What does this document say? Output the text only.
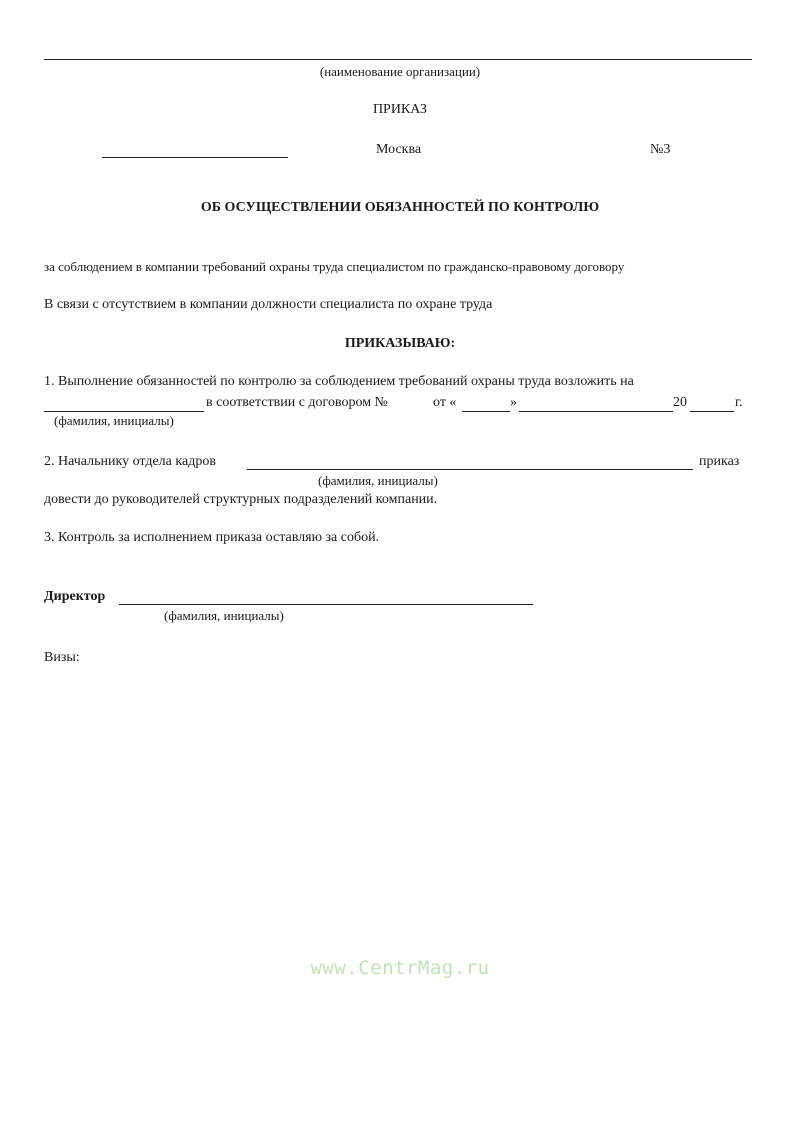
(наименование организации)
ПРИКАЗ
Москва	№3
ОБ ОСУЩЕСТВЛЕНИИ ОБЯЗАННОСТЕЙ ПО КОНТРОЛЮ
за соблюдением в компании требований охраны труда специалистом по гражданско-правовому договору
В связи с отсутствием в компании должности специалиста по охране труда
ПРИКАЗЫВАЮ:
1. Выполнение обязанностей по контролю за соблюдением требований охраны труда возложить на
в соответствии с договором №	от «	»	20	г.
(фамилия, инициалы)
2. Начальнику отдела кадров	приказ
(фамилия, инициалы)
довести до руководителей структурных подразделений компании.
3. Контроль за исполнением приказа оставляю за собой.
Директор
(фамилия, инициалы)
Визы:
www.CentrMag.ru
